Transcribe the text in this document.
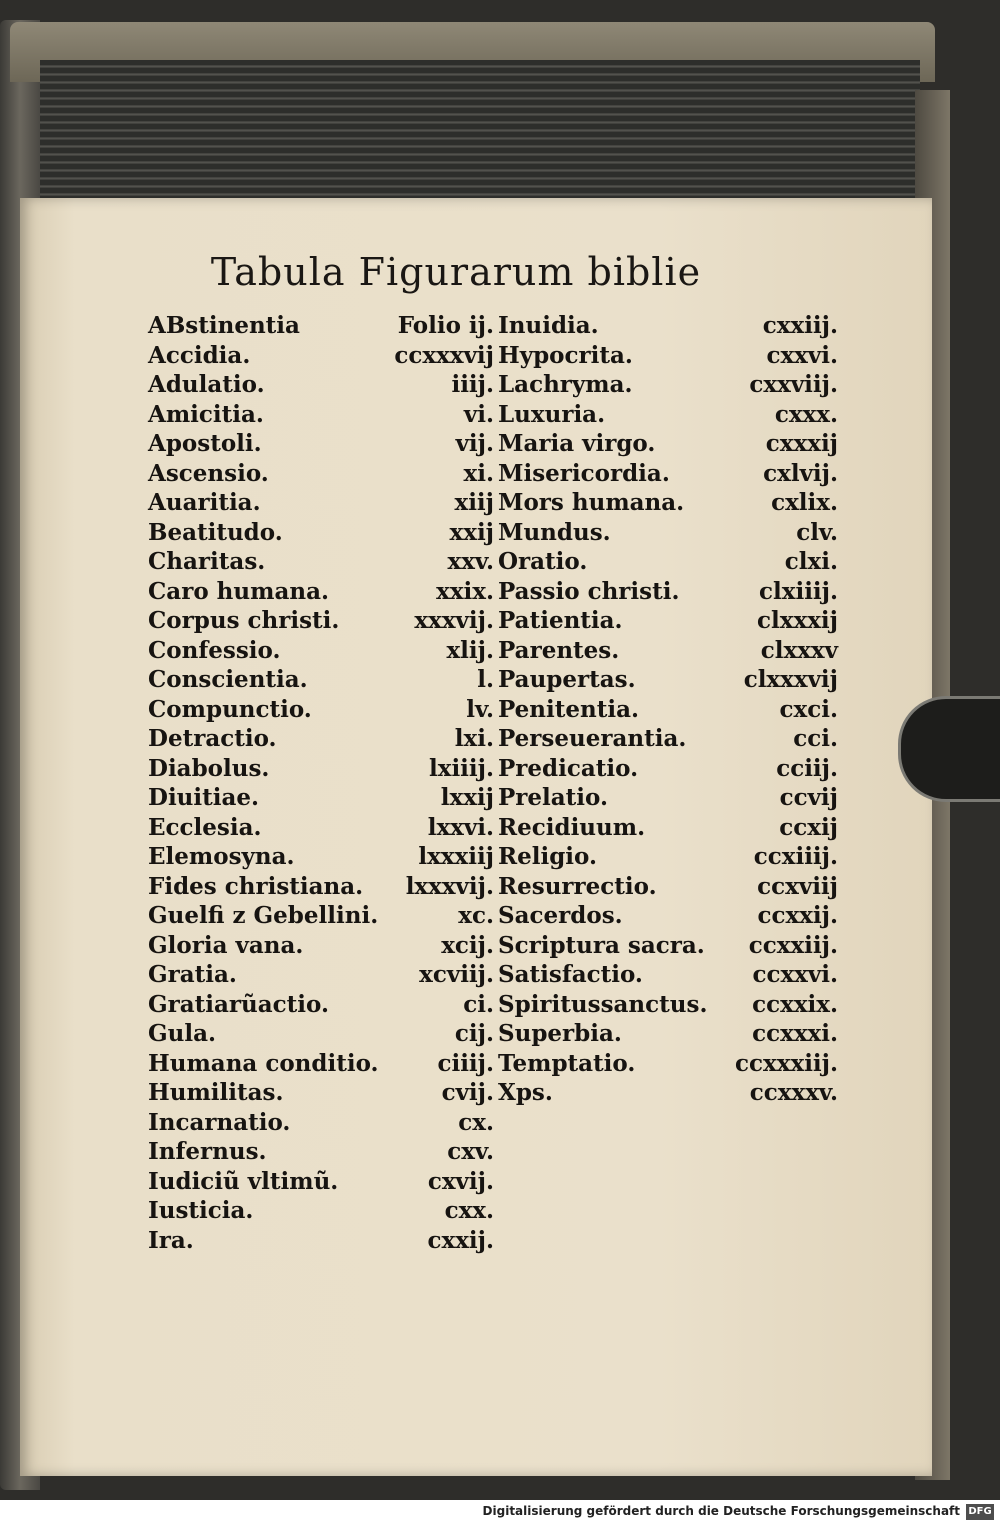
Tabula Figurarum biblie
ABstinentia	Folio ij.
Accidia.	ccxxxvij
Adulatio.	iiij.
Amicitia.	vi.
Apostoli.	vij.
Ascensio.	xi.
Auaritia.	xiij
Beatitudo.	xxij
Charitas.	xxv.
Caro humana.	xxix.
Corpus christi.	xxxvij.
Confessio.	xlij.
Conscientia.	l.
Compunctio.	lv.
Detractio.	lxi.
Diabolus.	lxiiij.
Diuitiae.	lxxij
Ecclesia.	lxxvi.
Elemosyna.	lxxxiij
Fides christiana. lxxxvij.
Guelfi z Gebellini.	xc.
Gloria vana.	xcij.
Gratia.	xcviij.
Gratiarũactio.	ci.
Gula.	cij.
Humana conditio.	ciiij.
Humilitas.	cvij.
Incarnatio.	cx.
Infernus.	cxv.
Iudiciũ vltimũ.	cxvij.
Iusticia.	cxx.
Ira.	cxxij.
Inuidia.	cxxiij.
Hypocrita.	cxxvi.
Lachryma.	cxxviij.
Luxuria.	cxxx.
Maria virgo.	cxxxij
Misericordia.	cxlvij.
Mors humana.	cxlix.
Mundus.	clv.
Oratio.	clxi.
Passio christi.	clxiiij.
Patientia.	clxxxij
Parentes.	clxxxv
Paupertas.	clxxxvij
Penitentia.	cxci.
Perseuerantia.	cci.
Predicatio.	cciij.
Prelatio.	ccvij
Recidiuum.	ccxij
Religio.	ccxiiij.
Resurrectio.	ccxviij
Sacerdos.	ccxxij.
Scriptura sacra. ccxxiij.
Satisfactio.	ccxxvi.
Spiritussanctus. ccxxix.
Superbia.	ccxxxi.
Temptatio.	ccxxxiij.
Xps.	ccxxxv.
Digitalisierung gefördert durch die Deutsche Forschungsgemeinschaft DFG
